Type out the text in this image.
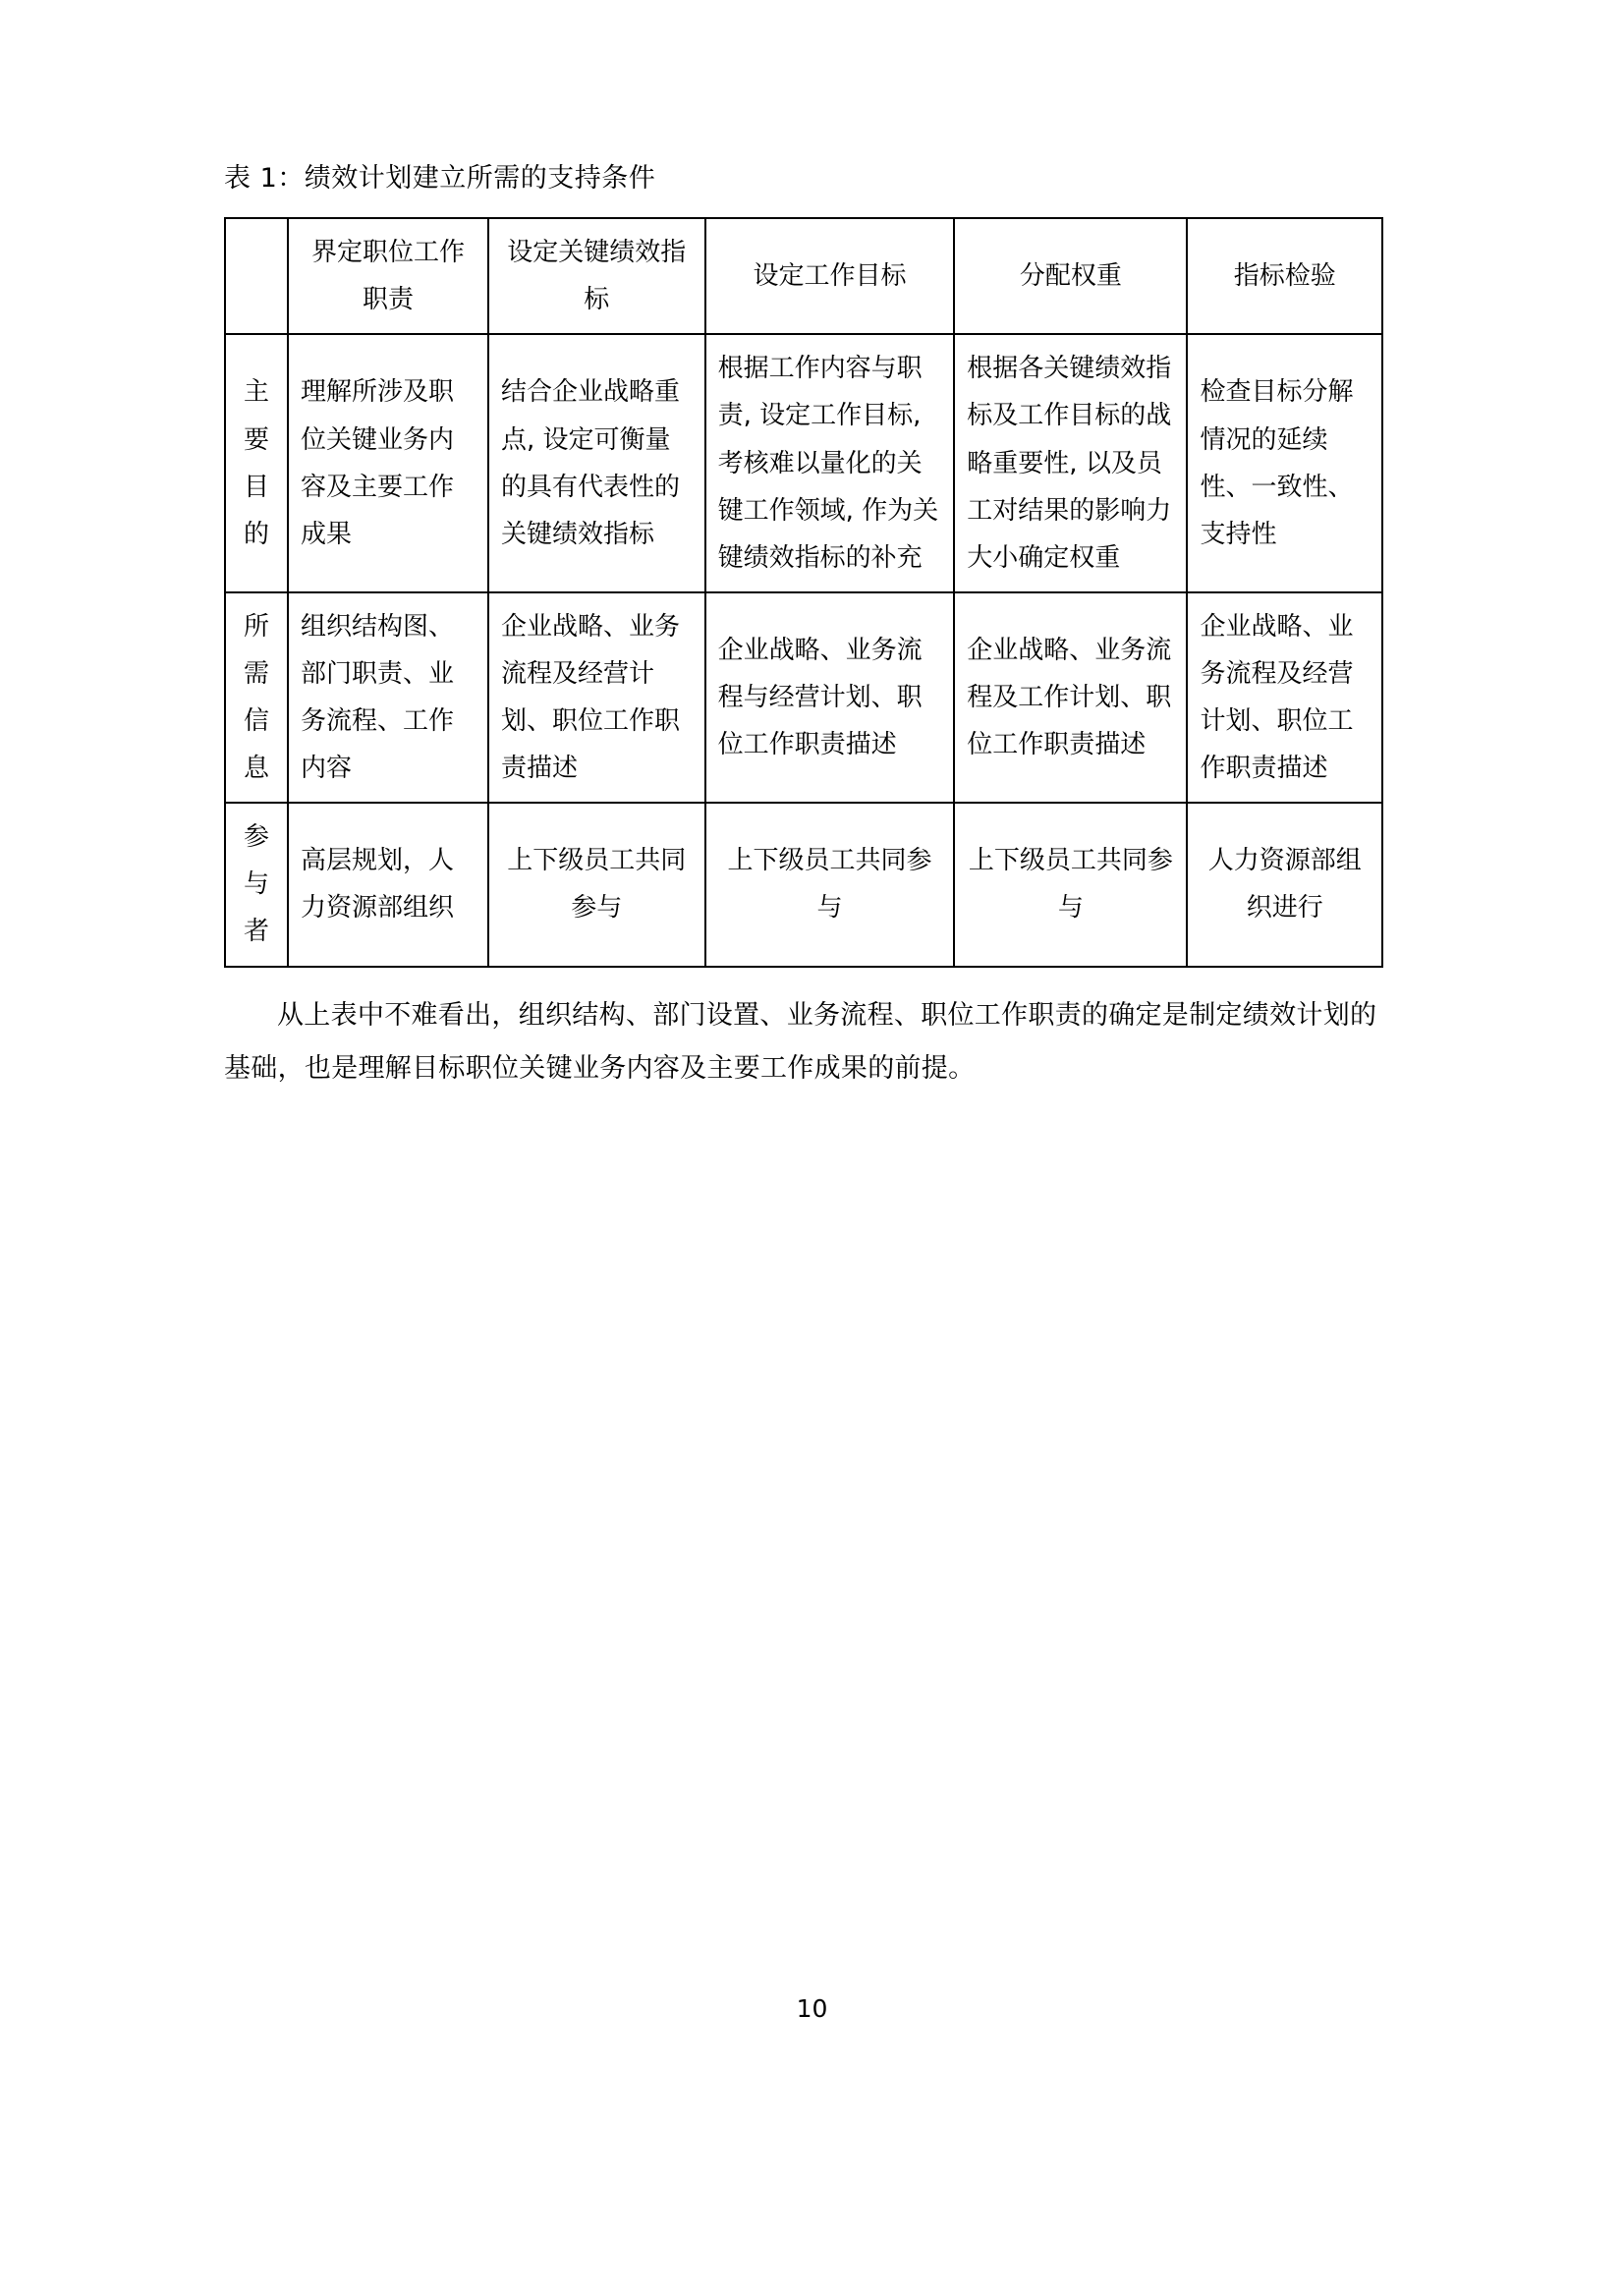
表 1：绩效计划建立所需的支持条件
	界定职位工作职责	设定关键绩效指标	设定工作目标	分配权重	指标检验

主
要
目
的	理解所涉及职位关键业务内容及主要工作成果	结合企业战略重点, 设定可衡量的具有代表性的关键绩效指标	根据工作内容与职责, 设定工作目标, 考核难以量化的关键工作领域, 作为关键绩效指标的补充	根据各关键绩效指标及工作目标的战略重要性, 以及员工对结果的影响力大小确定权重	检查目标分解情况的延续性、一致性、支持性

所
需
信
息	组织结构图、部门职责、业务流程、工作内容	企业战略、业务流程及经营计划、职位工作职责描述	企业战略、业务流程与经营计划、职位工作职责描述	企业战略、业务流程及工作计划、职位工作职责描述	企业战略、业务流程及经营计划、职位工作职责描述

参
与
者	高层规划，人力资源部组织	上下级员工共同参与	上下级员工共同参与	上下级员工共同参与	人力资源部组织进行
从上表中不难看出，组织结构、部门设置、业务流程、职位工作职责的确定是制定绩效计划的基础，也是理解目标职位关键业务内容及主要工作成果的前提。
10
